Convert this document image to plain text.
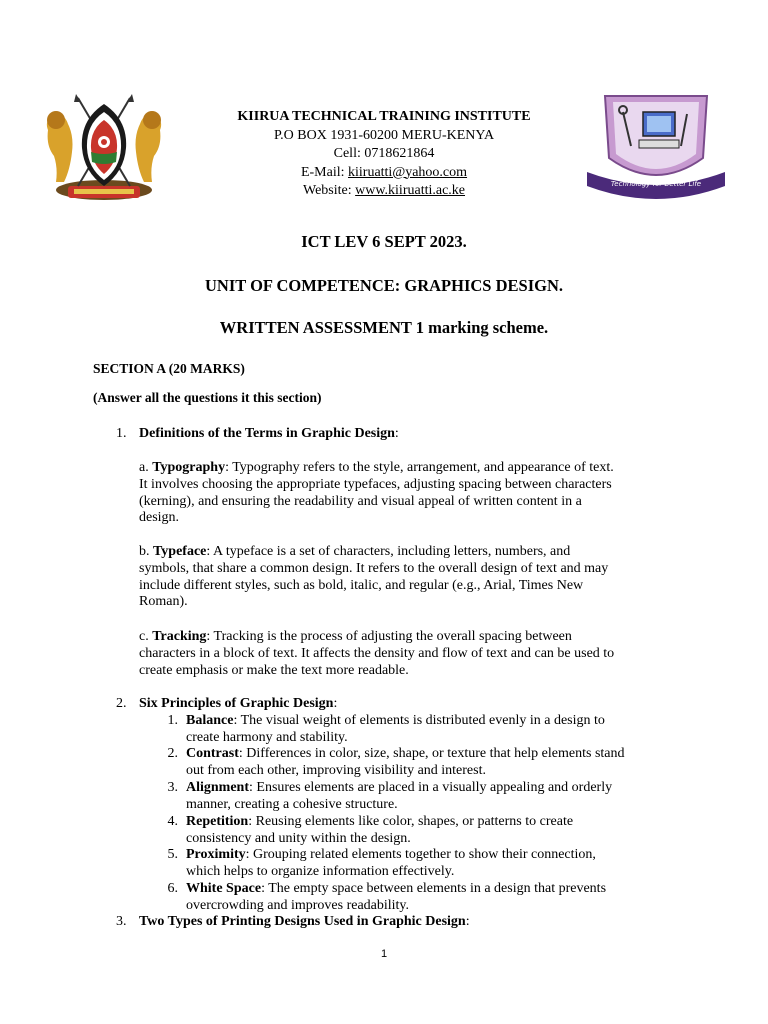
KIIRUA TECHNICAL TRAINING INSTITUTE
P.O BOX 1931-60200 MERU-KENYA
Cell: 0718621864
E-Mail: kiiruatti@yahoo.com
Website: www.kiiruatti.ac.ke	Technology for Better Life
ICT LEV 6 SEPT 2023.
UNIT OF COMPETENCE: GRAPHICS DESIGN.
WRITTEN ASSESSMENT 1 marking scheme.
SECTION A (20 MARKS)
(Answer all the questions it this section)
1. Definitions of the Terms in Graphic Design:
a. Typography: Typography refers to the style, arrangement, and appearance of text.
It involves choosing the appropriate typefaces, adjusting spacing between characters
(kerning), and ensuring the readability and visual appeal of written content in a
design.
b. Typeface: A typeface is a set of characters, including letters, numbers, and
symbols, that share a common design. It refers to the overall design of text and may
include different styles, such as bold, italic, and regular (e.g., Arial, Times New
Roman).
c. Tracking: Tracking is the process of adjusting the overall spacing between
characters in a block of text. It affects the density and flow of text and can be used to
create emphasis or make the text more readable.
2. Six Principles of Graphic Design:
1. Balance: The visual weight of elements is distributed evenly in a design to
create harmony and stability.
2. Contrast: Differences in color, size, shape, or texture that help elements stand
out from each other, improving visibility and interest.
3. Alignment: Ensures elements are placed in a visually appealing and orderly
manner, creating a cohesive structure.
4. Repetition: Reusing elements like color, shapes, or patterns to create
consistency and unity within the design.
5. Proximity: Grouping related elements together to show their connection,
which helps to organize information effectively.
6. White Space: The empty space between elements in a design that prevents
overcrowding and improves readability.
3. Two Types of Printing Designs Used in Graphic Design:
1
